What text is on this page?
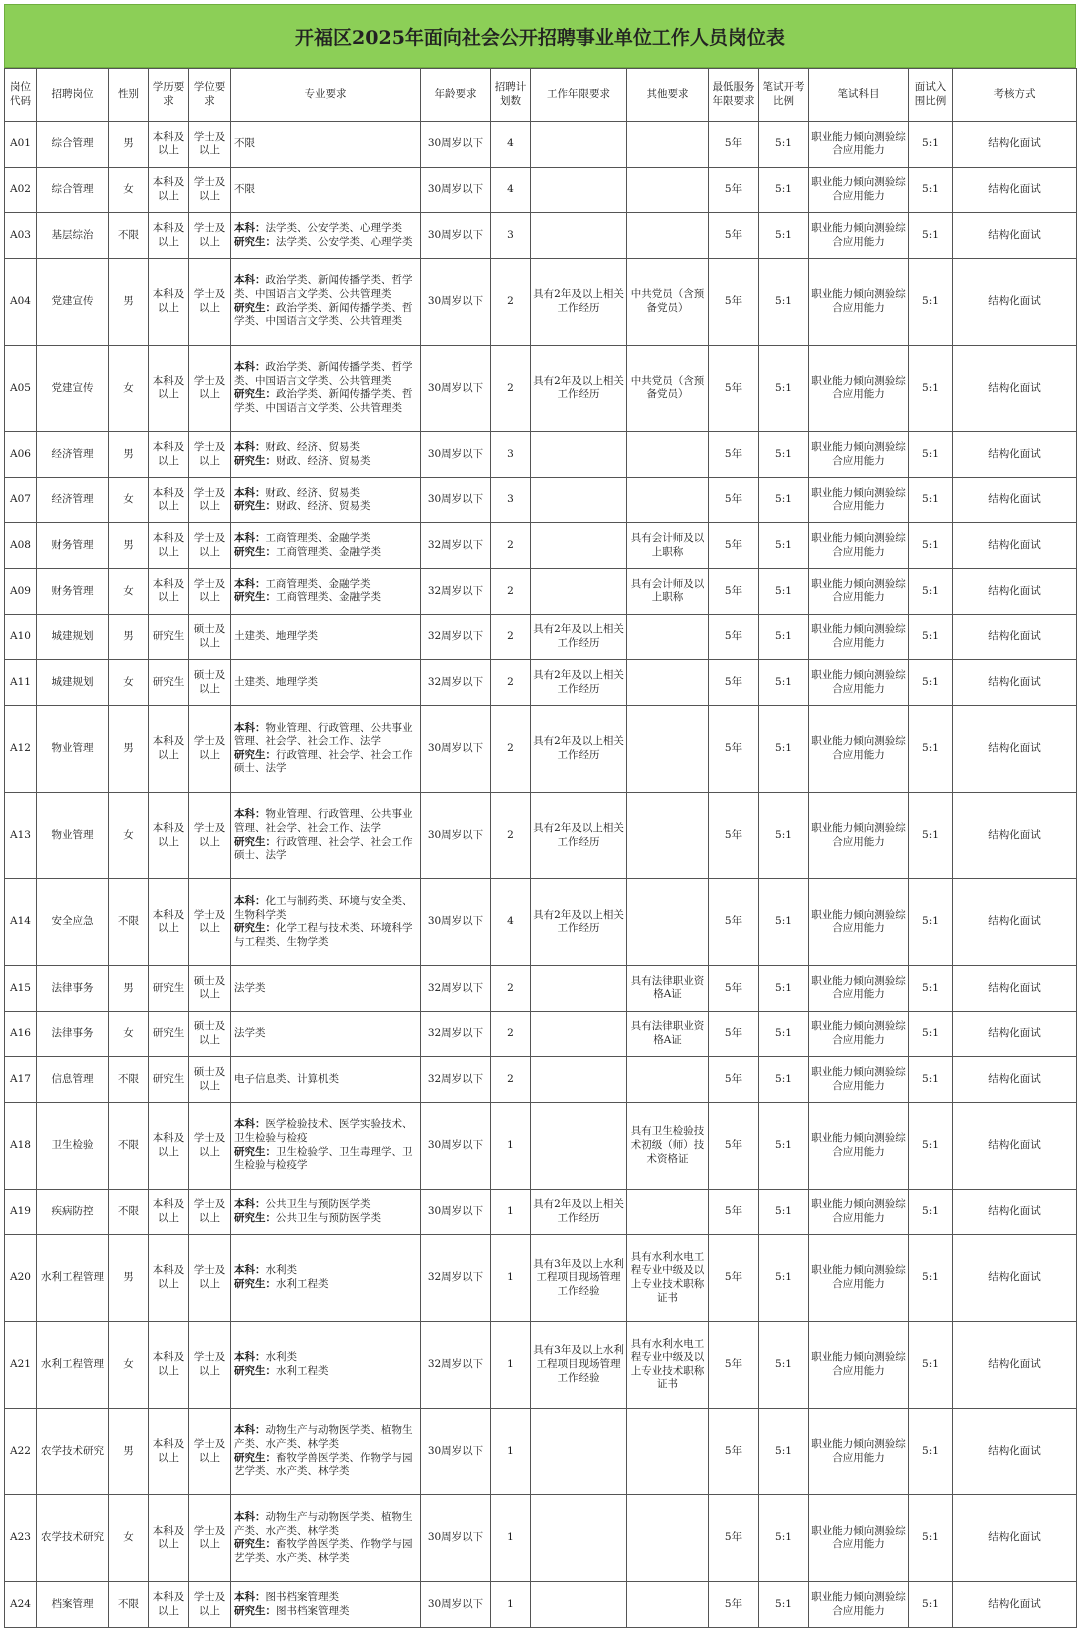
开福区2025年面向社会公开招聘事业单位工作人员岗位表
岗位代码	招聘岗位	性别	学历要求	学位要求	专业要求	年龄要求	招聘计划数	工作年限要求	其他要求	最低服务年限要求	笔试开考比例	笔试科目	面试入围比例	考核方式
A01	综合管理	男	本科及以上	学士及以上	不限	30周岁以下	4			5年	5:1	职业能力倾向测验综合应用能力	5:1	结构化面试
A02	综合管理	女	本科及以上	学士及以上	不限	30周岁以下	4			5年	5:1	职业能力倾向测验综合应用能力	5:1	结构化面试
A03	基层综治	不限	本科及以上	学士及以上	本科：法学类、公安学类、心理学类
研究生：法学类、公安学类、心理学类	30周岁以下	3			5年	5:1	职业能力倾向测验综合应用能力	5:1	结构化面试
A04	党建宣传	男	本科及以上	学士及以上	本科：政治学类、新闻传播学类、哲学类、中国语言文学类、公共管理类
研究生：政治学类、新闻传播学类、哲学类、中国语言文学类、公共管理类	30周岁以下	2	具有2年及以上相关工作经历	中共党员（含预备党员）	5年	5:1	职业能力倾向测验综合应用能力	5:1	结构化面试
A05	党建宣传	女	本科及以上	学士及以上	本科：政治学类、新闻传播学类、哲学类、中国语言文学类、公共管理类
研究生：政治学类、新闻传播学类、哲学类、中国语言文学类、公共管理类	30周岁以下	2	具有2年及以上相关工作经历	中共党员（含预备党员）	5年	5:1	职业能力倾向测验综合应用能力	5:1	结构化面试
A06	经济管理	男	本科及以上	学士及以上	本科：财政、经济、贸易类
研究生：财政、经济、贸易类	30周岁以下	3			5年	5:1	职业能力倾向测验综合应用能力	5:1	结构化面试
A07	经济管理	女	本科及以上	学士及以上	本科：财政、经济、贸易类
研究生：财政、经济、贸易类	30周岁以下	3			5年	5:1	职业能力倾向测验综合应用能力	5:1	结构化面试
A08	财务管理	男	本科及以上	学士及以上	本科：工商管理类、金融学类
研究生：工商管理类、金融学类	32周岁以下	2		具有会计师及以上职称	5年	5:1	职业能力倾向测验综合应用能力	5:1	结构化面试
A09	财务管理	女	本科及以上	学士及以上	本科：工商管理类、金融学类
研究生：工商管理类、金融学类	32周岁以下	2		具有会计师及以上职称	5年	5:1	职业能力倾向测验综合应用能力	5:1	结构化面试
A10	城建规划	男	研究生	硕士及以上	土建类、地理学类	32周岁以下	2	具有2年及以上相关工作经历		5年	5:1	职业能力倾向测验综合应用能力	5:1	结构化面试
A11	城建规划	女	研究生	硕士及以上	土建类、地理学类	32周岁以下	2	具有2年及以上相关工作经历		5年	5:1	职业能力倾向测验综合应用能力	5:1	结构化面试
A12	物业管理	男	本科及以上	学士及以上	本科：物业管理、行政管理、公共事业管理、社会学、社会工作、法学
研究生：行政管理、社会学、社会工作硕士、法学	30周岁以下	2	具有2年及以上相关工作经历		5年	5:1	职业能力倾向测验综合应用能力	5:1	结构化面试
A13	物业管理	女	本科及以上	学士及以上	本科：物业管理、行政管理、公共事业管理、社会学、社会工作、法学
研究生：行政管理、社会学、社会工作硕士、法学	30周岁以下	2	具有2年及以上相关工作经历		5年	5:1	职业能力倾向测验综合应用能力	5:1	结构化面试
A14	安全应急	不限	本科及以上	学士及以上	本科：化工与制药类、环境与安全类、生物科学类
研究生：化学工程与技术类、环境科学与工程类、生物学类	30周岁以下	4	具有2年及以上相关工作经历		5年	5:1	职业能力倾向测验综合应用能力	5:1	结构化面试
A15	法律事务	男	研究生	硕士及以上	法学类	32周岁以下	2		具有法律职业资格A证	5年	5:1	职业能力倾向测验综合应用能力	5:1	结构化面试
A16	法律事务	女	研究生	硕士及以上	法学类	32周岁以下	2		具有法律职业资格A证	5年	5:1	职业能力倾向测验综合应用能力	5:1	结构化面试
A17	信息管理	不限	研究生	硕士及以上	电子信息类、计算机类	32周岁以下	2			5年	5:1	职业能力倾向测验综合应用能力	5:1	结构化面试
A18	卫生检验	不限	本科及以上	学士及以上	本科：医学检验技术、医学实验技术、卫生检验与检疫
研究生：卫生检验学、卫生毒理学、卫生检验与检疫学	30周岁以下	1		具有卫生检验技术初级（师）技术资格证	5年	5:1	职业能力倾向测验综合应用能力	5:1	结构化面试
A19	疾病防控	不限	本科及以上	学士及以上	本科：公共卫生与预防医学类
研究生：公共卫生与预防医学类	30周岁以下	1	具有2年及以上相关工作经历		5年	5:1	职业能力倾向测验综合应用能力	5:1	结构化面试
A20	水利工程管理	男	本科及以上	学士及以上	本科：水利类
研究生：水利工程类	32周岁以下	1	具有3年及以上水利工程项目现场管理工作经验	具有水利水电工程专业中级及以上专业技术职称证书	5年	5:1	职业能力倾向测验综合应用能力	5:1	结构化面试
A21	水利工程管理	女	本科及以上	学士及以上	本科：水利类
研究生：水利工程类	32周岁以下	1	具有3年及以上水利工程项目现场管理工作经验	具有水利水电工程专业中级及以上专业技术职称证书	5年	5:1	职业能力倾向测验综合应用能力	5:1	结构化面试
A22	农学技术研究	男	本科及以上	学士及以上	本科：动物生产与动物医学类、植物生产类、水产类、林学类
研究生：畜牧学兽医学类、作物学与园艺学类、水产类、林学类	30周岁以下	1			5年	5:1	职业能力倾向测验综合应用能力	5:1	结构化面试
A23	农学技术研究	女	本科及以上	学士及以上	本科：动物生产与动物医学类、植物生产类、水产类、林学类
研究生：畜牧学兽医学类、作物学与园艺学类、水产类、林学类	30周岁以下	1			5年	5:1	职业能力倾向测验综合应用能力	5:1	结构化面试
A24	档案管理	不限	本科及以上	学士及以上	本科：图书档案管理类
研究生：图书档案管理类	30周岁以下	1			5年	5:1	职业能力倾向测验综合应用能力	5:1	结构化面试
